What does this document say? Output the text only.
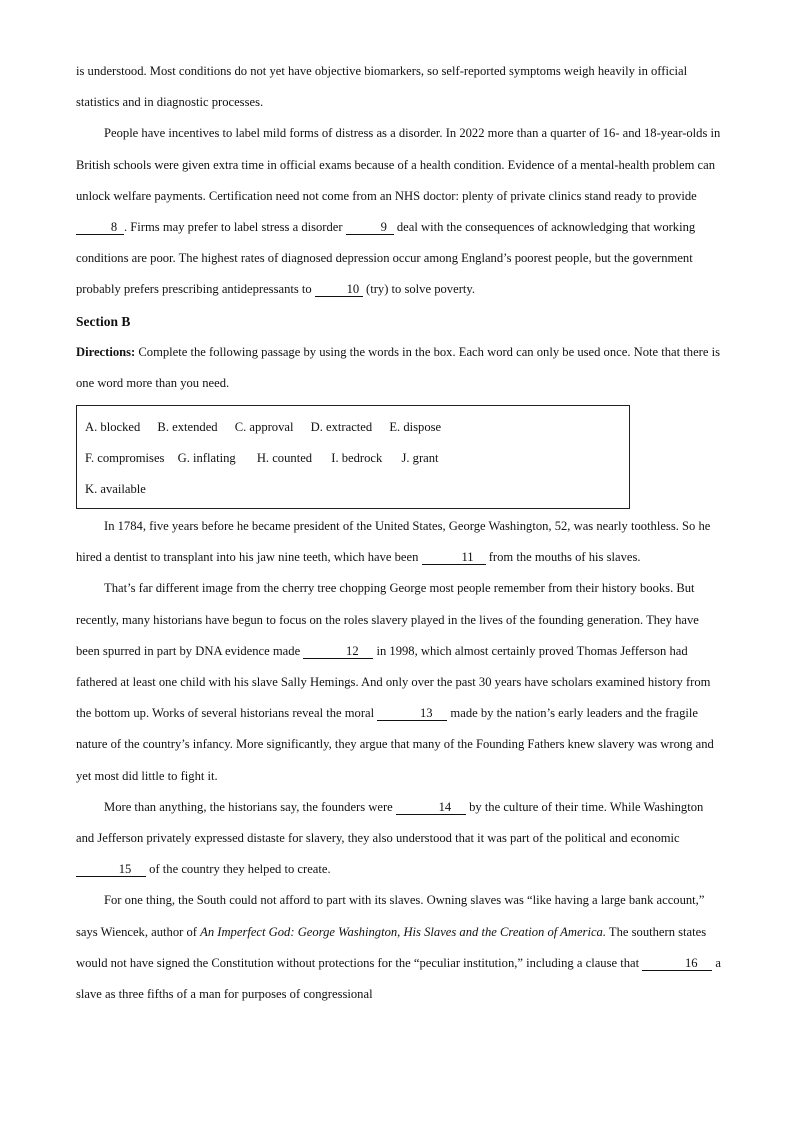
is understood. Most conditions do not yet have objective biomarkers, so self-reported symptoms weigh heavily in official statistics and in diagnostic processes.

People have incentives to label mild forms of distress as a disorder. In 2022 more than a quarter of 16- and 18-year-olds in British schools were given extra time in official exams because of a health condition. Evidence of a mental-health problem can unlock welfare payments. Certification need not come from an NHS doctor: plenty of private clinics stand ready to provide 8 . Firms may prefer to label stress a disorder	9 deal with the consequences of acknowledging that working conditions are poor. The highest rates of diagnosed depression occur among England’s poorest people, but the government probably prefers prescribing antidepressants to	10 (try) to solve poverty.

Section B

Directions: Complete the following passage by using the words in the box. Each word can only be used once. Note that there is one word more than you need.

A. blocked B. extended C. approval D. extracted E. dispose
F. compromises G. inflating H. counted I. bedrock J. grant
K. available

In 1784, five years before he became president of the United States, George Washington, 52, was nearly toothless. So he hired a dentist to transplant into his jaw nine teeth, which have been	11 from the mouths of his slaves.

That’s far different image from the cherry tree chopping George most people remember from their history books. But recently, many historians have begun to focus on the roles slavery played in the lives of the founding generation. They have been spurred in part by DNA evidence made	12 in 1998, which almost certainly proved Thomas Jefferson had fathered at least one child with his slave Sally Hemings. And only over the past 30 years have scholars examined history from the bottom up. Works of several historians reveal the moral	13 made by the nation’s early leaders and the fragile nature of the country’s infancy. More significantly, they argue that many of the Founding Fathers knew slavery was wrong and yet most did little to fight it.

More than anything, the historians say, the founders were	14 by the culture of their time. While Washington and Jefferson privately expressed distaste for slavery, they also understood that it was part of the political and economic 15 of the country they helped to create.

For one thing, the South could not afford to part with its slaves. Owning slaves was “like having a large bank account,” says Wiencek, author of An Imperfect God: George Washington, His Slaves and the Creation of America. The southern states would not have signed the Constitution without protections for the “peculiar institution,” including a clause that	16 a slave as three fifths of a man for purposes of congressional
